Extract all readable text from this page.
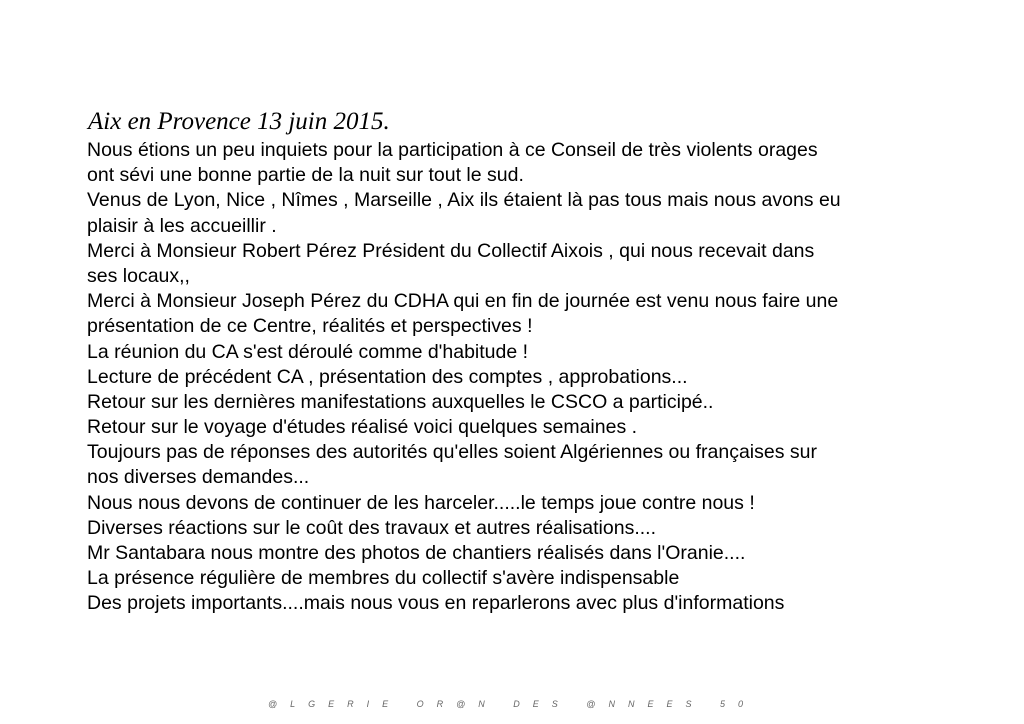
Aix en Provence 13 juin 2015.
Nous étions un peu inquiets pour la participation à ce Conseil de très violents orages
ont sévi une bonne partie de la nuit sur tout le sud.
Venus de Lyon, Nice , Nîmes , Marseille , Aix ils étaient là pas tous mais nous avons eu
plaisir à les accueillir .
Merci à Monsieur Robert Pérez Président du Collectif Aixois , qui nous recevait dans
ses locaux,,
Merci à Monsieur Joseph Pérez du CDHA qui en fin de journée est venu nous faire une
présentation de ce Centre, réalités et perspectives !
La réunion du CA s'est déroulé comme d'habitude !
Lecture de précédent CA , présentation des comptes , approbations...
Retour sur les dernières manifestations auxquelles le CSCO a participé..
Retour sur le voyage d'études réalisé voici quelques semaines .
Toujours pas de réponses des autorités qu'elles soient Algériennes ou françaises sur
nos diverses demandes...
Nous nous devons de continuer de les harceler.....le temps joue contre nous !
Diverses réactions sur le coût des travaux et autres réalisations....
Mr Santabara nous montre des photos de chantiers réalisés dans l'Oranie....
La présence régulière de membres du collectif s'avère indispensable
Des projets importants....mais nous vous en reparlerons avec plus d'informations
@LGERIE OR@N DES @NNEES 50
